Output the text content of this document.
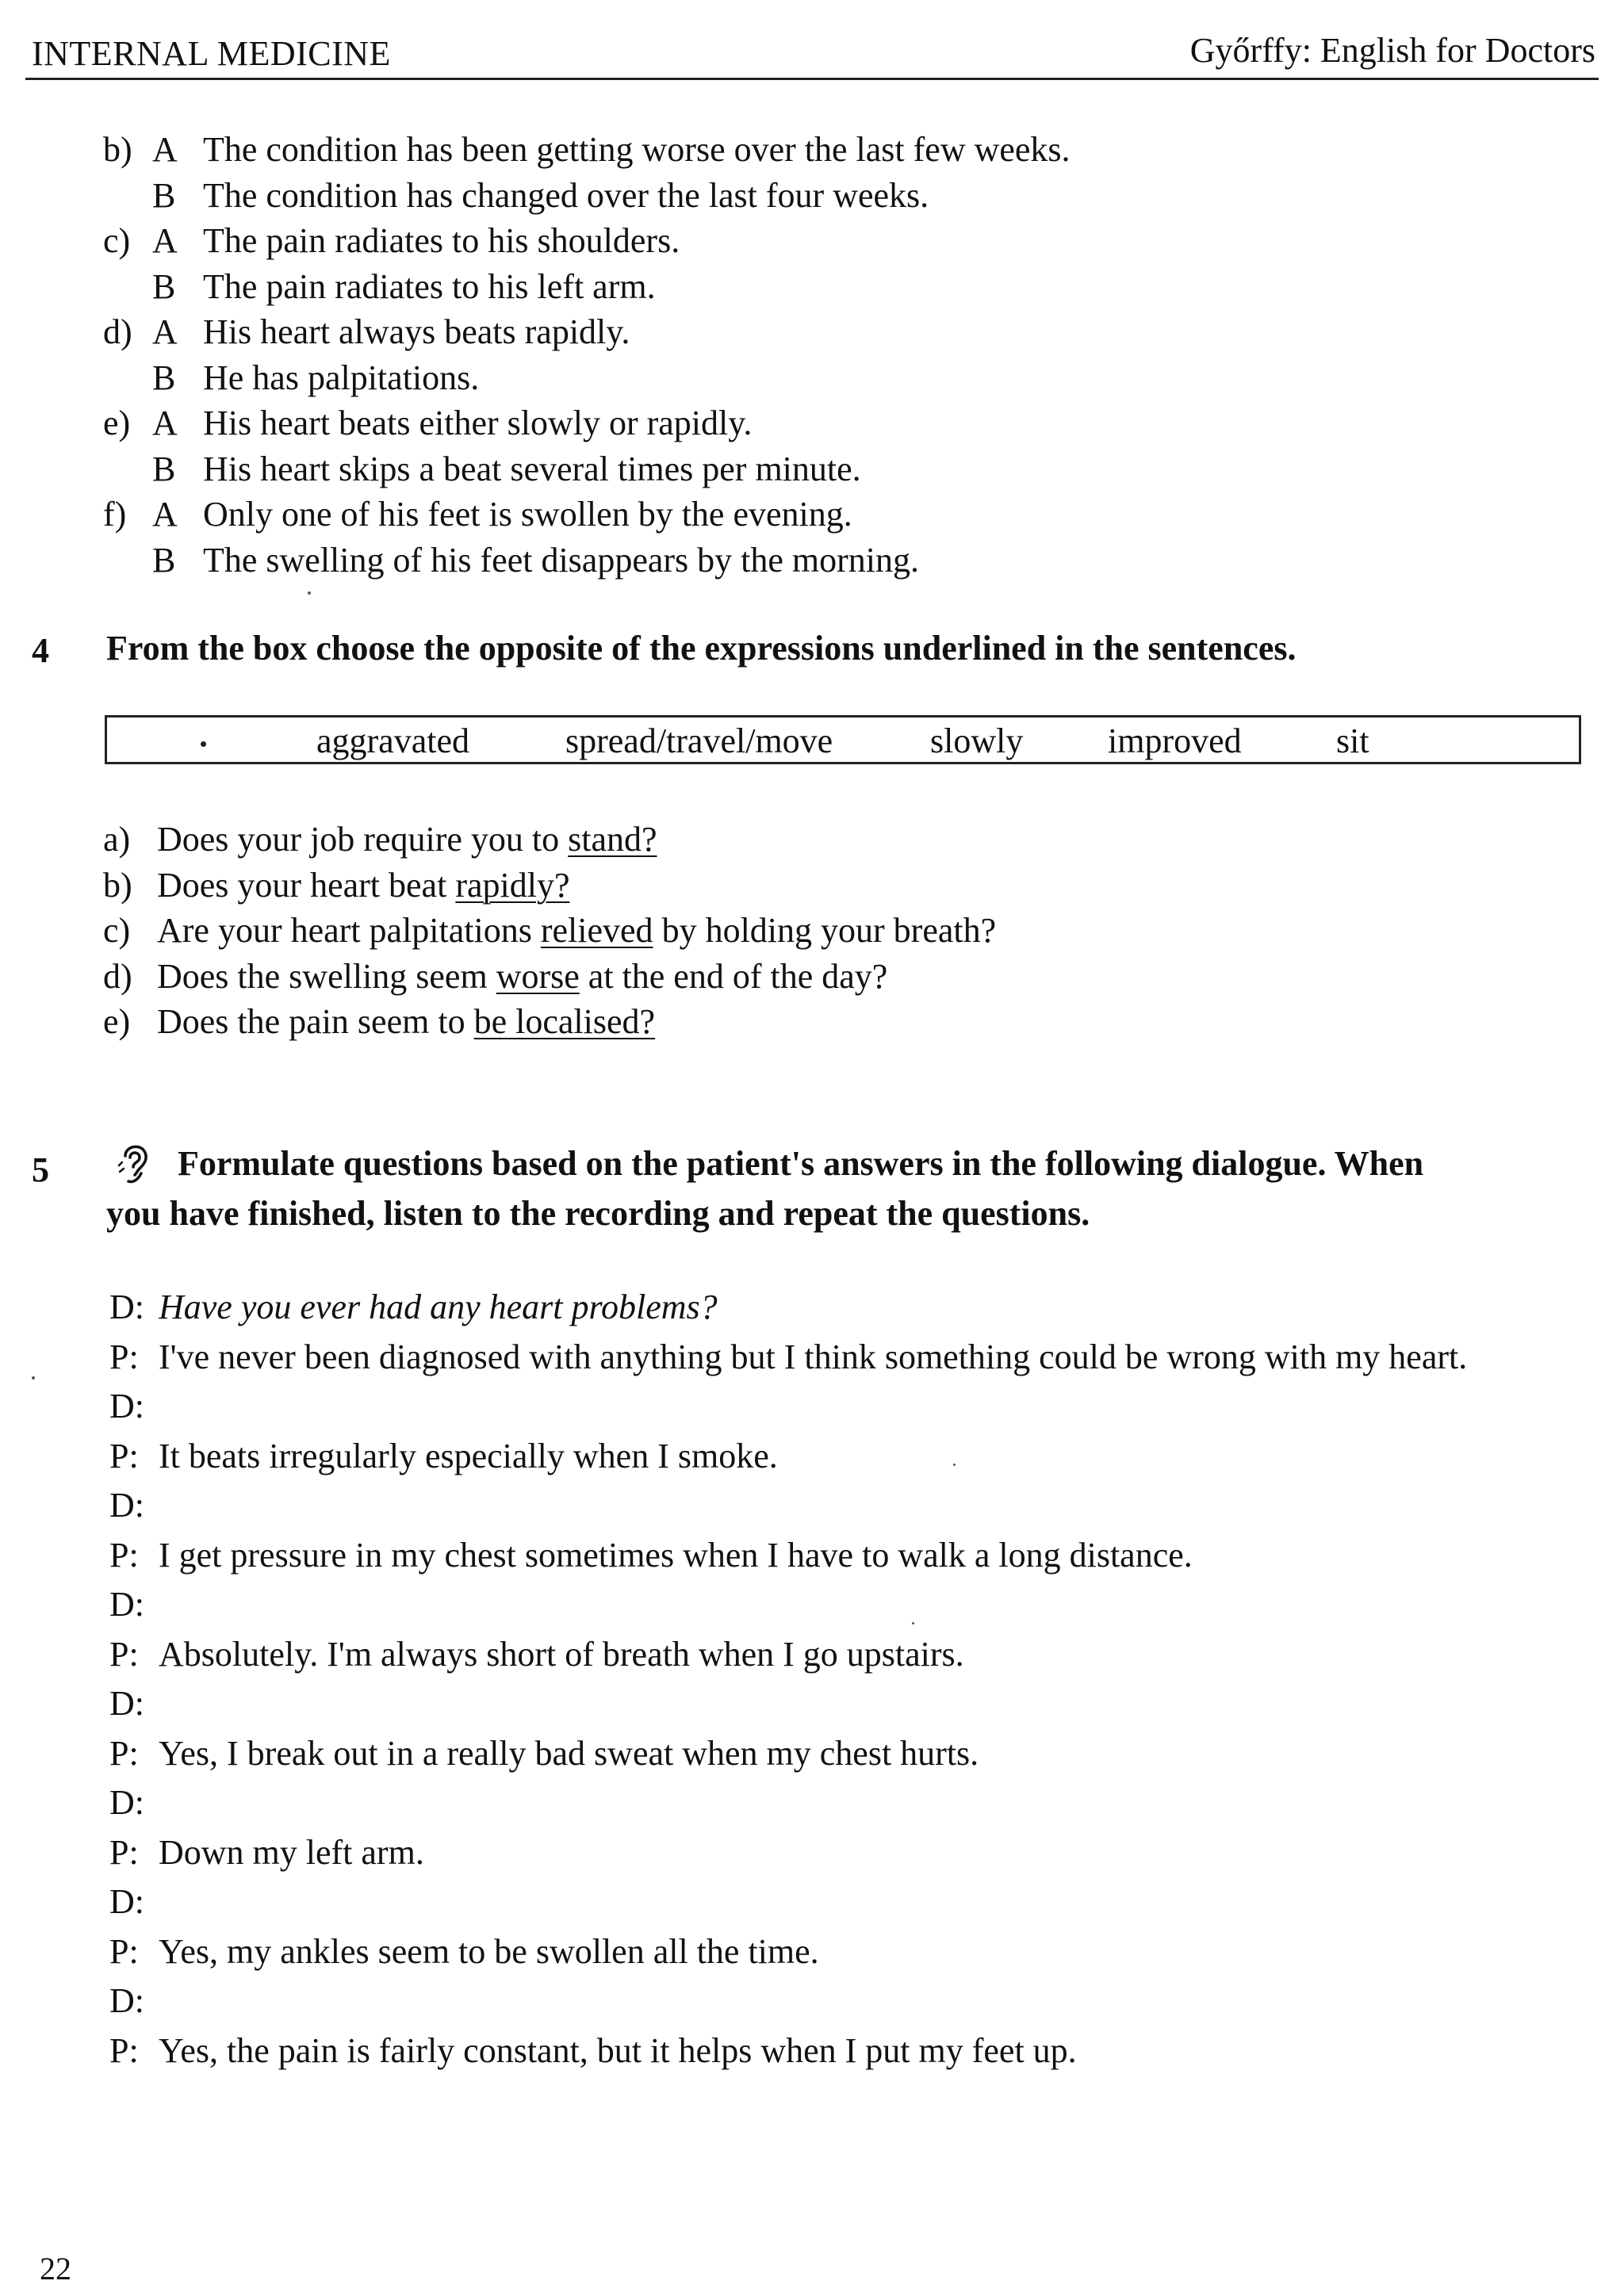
INTERNAL MEDICINE	Győrffy: English for Doctors
b) A The condition has been getting worse over the last few weeks.
B The condition has changed over the last four weeks.
c) A The pain radiates to his shoulders.
B The pain radiates to his left arm.
d) A His heart always beats rapidly.
B He has palpitations.
e) A His heart beats either slowly or rapidly.
B His heart skips a beat several times per minute.
f) A Only one of his feet is swollen by the evening.
B The swelling of his feet disappears by the morning.
4 From the box choose the opposite of the expressions underlined in the sentences.
aggravated	spread/travel/move	slowly improved	sit
a) Does your job require you to stand?
b) Does your heart beat rapidly?
c) Are your heart palpitations relieved by holding your breath?
d) Does the swelling seem worse at the end of the day?
e) Does the pain seem to be localised?
5	Formulate questions based on the patient's answers in the following dialogue. When
you have finished, listen to the recording and repeat the questions.
D: Have you ever had any heart problems?
P: I've never been diagnosed with anything but I think something could be wrong with my heart.
D:
P: It beats irregularly especially when I smoke.
D:
P: I get pressure in my chest sometimes when I have to walk a long distance.
D:
P: Absolutely. I'm always short of breath when I go upstairs.
D:
P: Yes, I break out in a really bad sweat when my chest hurts.
D:
P: Down my left arm.
D:
P: Yes, my ankles seem to be swollen all the time.
D:
P: Yes, the pain is fairly constant, but it helps when I put my feet up.
22
